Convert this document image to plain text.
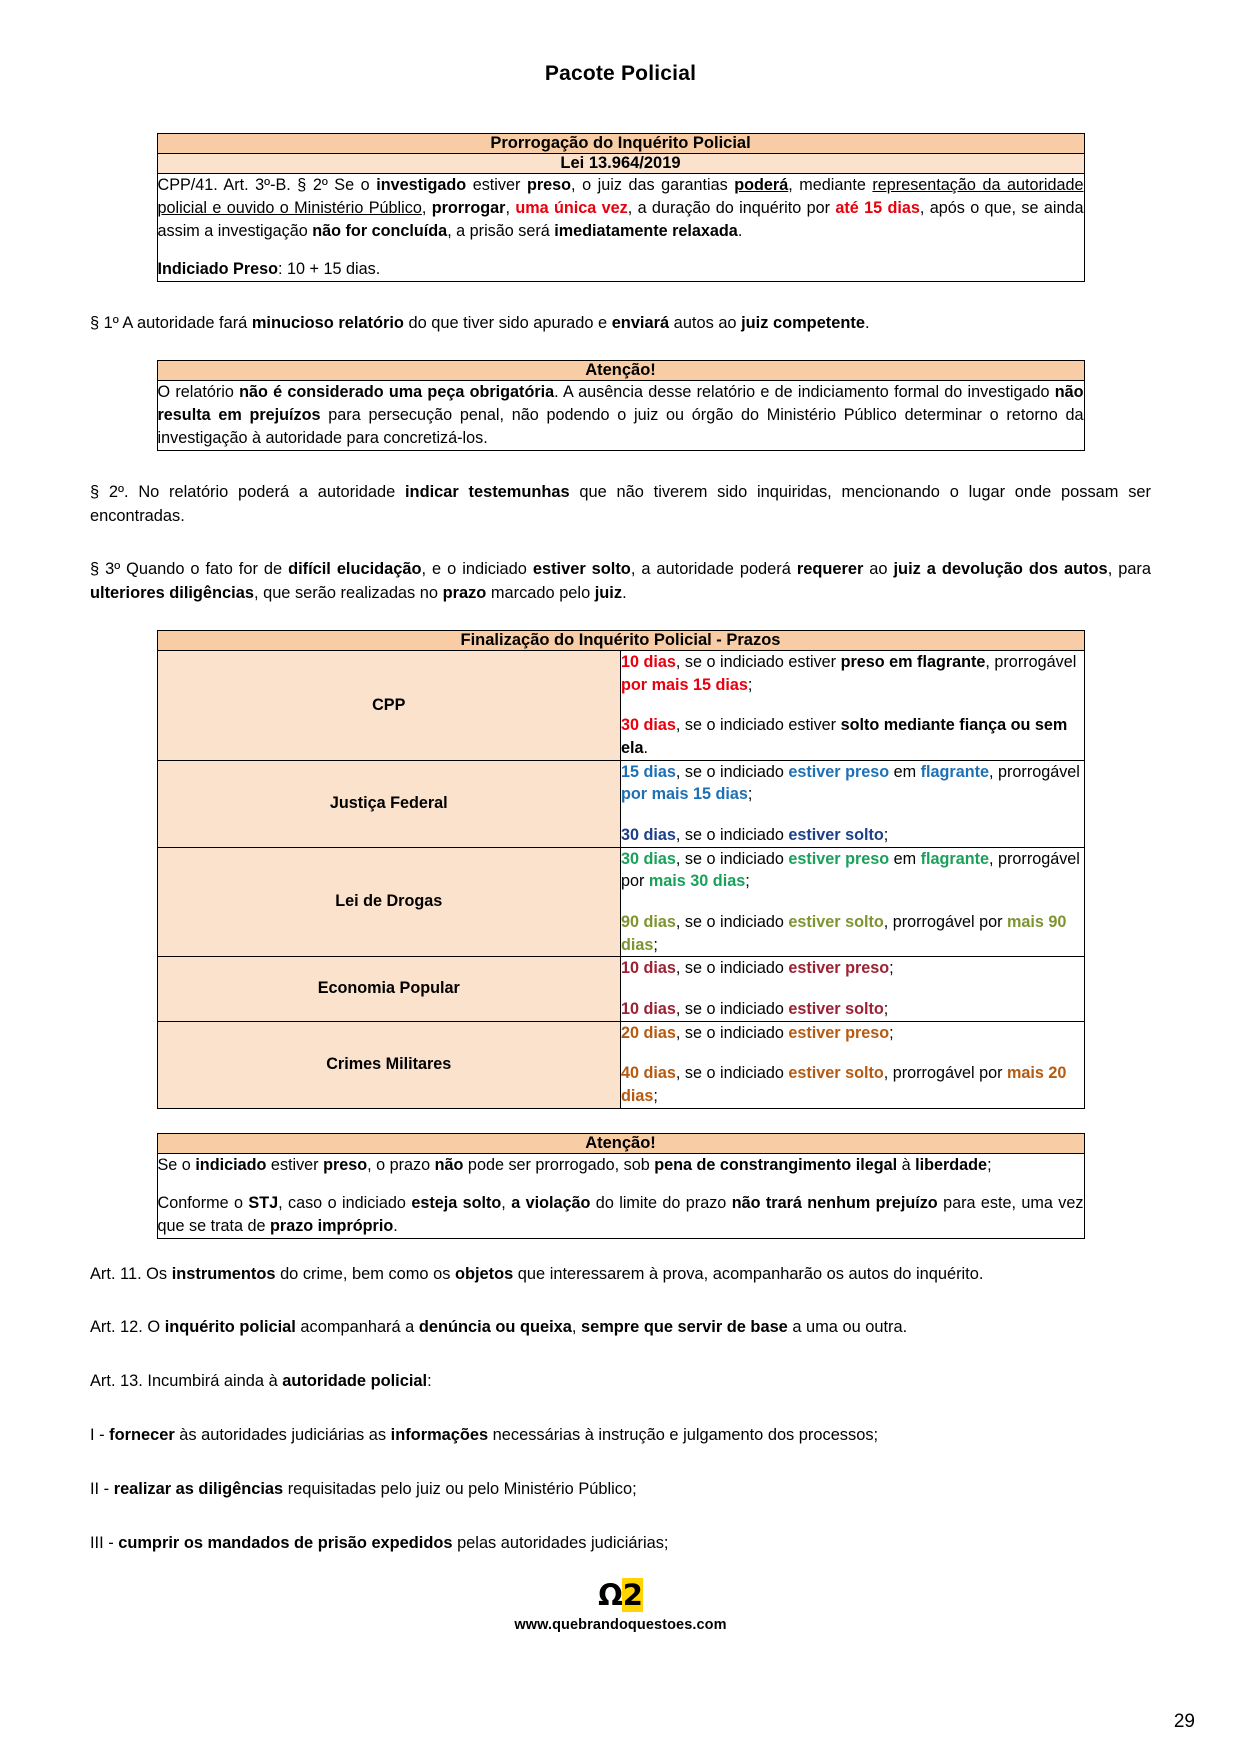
Pacote Policial
Prorrogação do Inquérito Policial
Lei 13.964/2019

CPP/41. Art. 3º-B. § 2º Se o investigado estiver preso, o juiz das garantias poderá, mediante representação da autoridade policial e ouvido o Ministério Público, prorrogar, uma única vez, a duração do inquérito por até 15 dias, após o que, se ainda assim a investigação não for concluída, a prisão será imediatamente relaxada.

Indiciado Preso: 10 + 15 dias.

§ 1º A autoridade fará minucioso relatório do que tiver sido apurado e enviará autos ao juiz competente.

Atenção!

O relatório não é considerado uma peça obrigatória. A ausência desse relatório e de indiciamento formal do investigado não resulta em prejuízos para persecução penal, não podendo o juiz ou órgão do Ministério Público determinar o retorno da investigação à autoridade para concretizá-los.

§ 2º. No relatório poderá a autoridade indicar testemunhas que não tiverem sido inquiridas, mencionando o lugar onde possam ser encontradas.

§ 3º Quando o fato for de difícil elucidação, e o indiciado estiver solto, a autoridade poderá requerer ao juiz a devolução dos autos, para ulteriores diligências, que serão realizadas no prazo marcado pelo juiz.

Finalização do Inquérito Policial - Prazos	
CPP	10 dias, se o indiciado estiver preso em flagrante, prorrogável por mais 15 dias;

30 dias, se o indiciado estiver solto mediante fiança ou sem ela.

Justiça Federal	15 dias, se o indiciado estiver preso em flagrante, prorrogável por mais 15 dias;

30 dias, se o indiciado estiver solto;

Lei de Drogas	30 dias, se o indiciado estiver preso em flagrante, prorrogável por mais 30 dias;

90 dias, se o indiciado estiver solto, prorrogável por mais 90 dias;

Economia Popular	10 dias, se o indiciado estiver preso;

10 dias, se o indiciado estiver solto;

Crimes Militares	20 dias, se o indiciado estiver preso;

40 dias, se o indiciado estiver solto, prorrogável por mais 20 dias;

Atenção!

Se o indiciado estiver preso, o prazo não pode ser prorrogado, sob pena de constrangimento ilegal à liberdade;

Conforme o STJ, caso o indiciado esteja solto, a violação do limite do prazo não trará nenhum prejuízo para este, uma vez que se trata de prazo impróprio.

Art. 11. Os instrumentos do crime, bem como os objetos que interessarem à prova, acompanharão os autos do inquérito.

Art. 12. O inquérito policial acompanhará a denúncia ou queixa, sempre que servir de base a uma ou outra.

Art. 13. Incumbirá ainda à autoridade policial:

I - fornecer às autoridades judiciárias as informações necessárias à instrução e julgamento dos processos;

II - realizar as diligências requisitadas pelo juiz ou pelo Ministério Público;

III - cumprir os mandados de prisão expedidos pelas autoridades judiciárias;

Ω2
www.quebrandoquestoes.com
29
